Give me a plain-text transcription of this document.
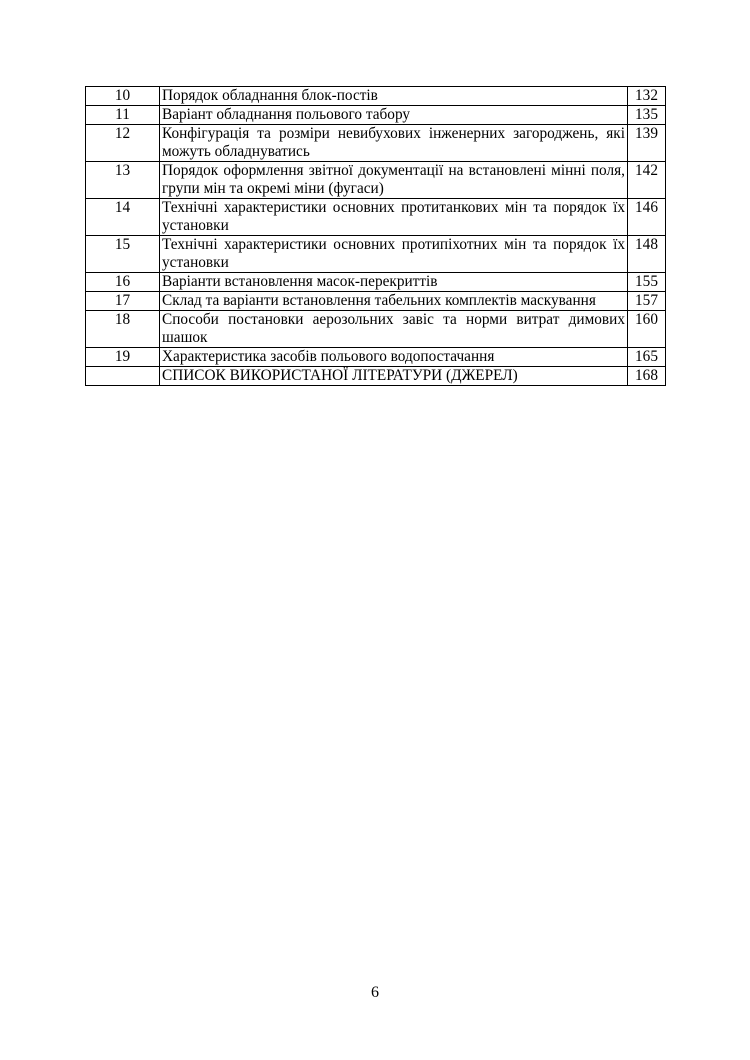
10	Порядок обладнання блок-постів	132
11	Варіант обладнання польового табору	135
12	Конфігурація та розміри невибухових інженерних загороджень, які можуть обладнуватись	139
13	Порядок оформлення звітної документації на встановлені мінні поля, групи мін та окремі міни (фугаси)	142
14	Технічні характеристики основних протитанкових мін та порядок їх установки	146
15	Технічні характеристики основних протипіхотних мін та порядок їх установки	148
16	Варіанти встановлення масок-перекриттів	155
17	Склад та варіанти встановлення табельних комплектів маскування	157
18	Способи постановки аерозольних завіс та норми витрат димових шашок	160
19	Характеристика засобів польового водопостачання	165
	СПИСОК ВИКОРИСТАНОЇ ЛІТЕРАТУРИ (ДЖЕРЕЛ)	168
6
